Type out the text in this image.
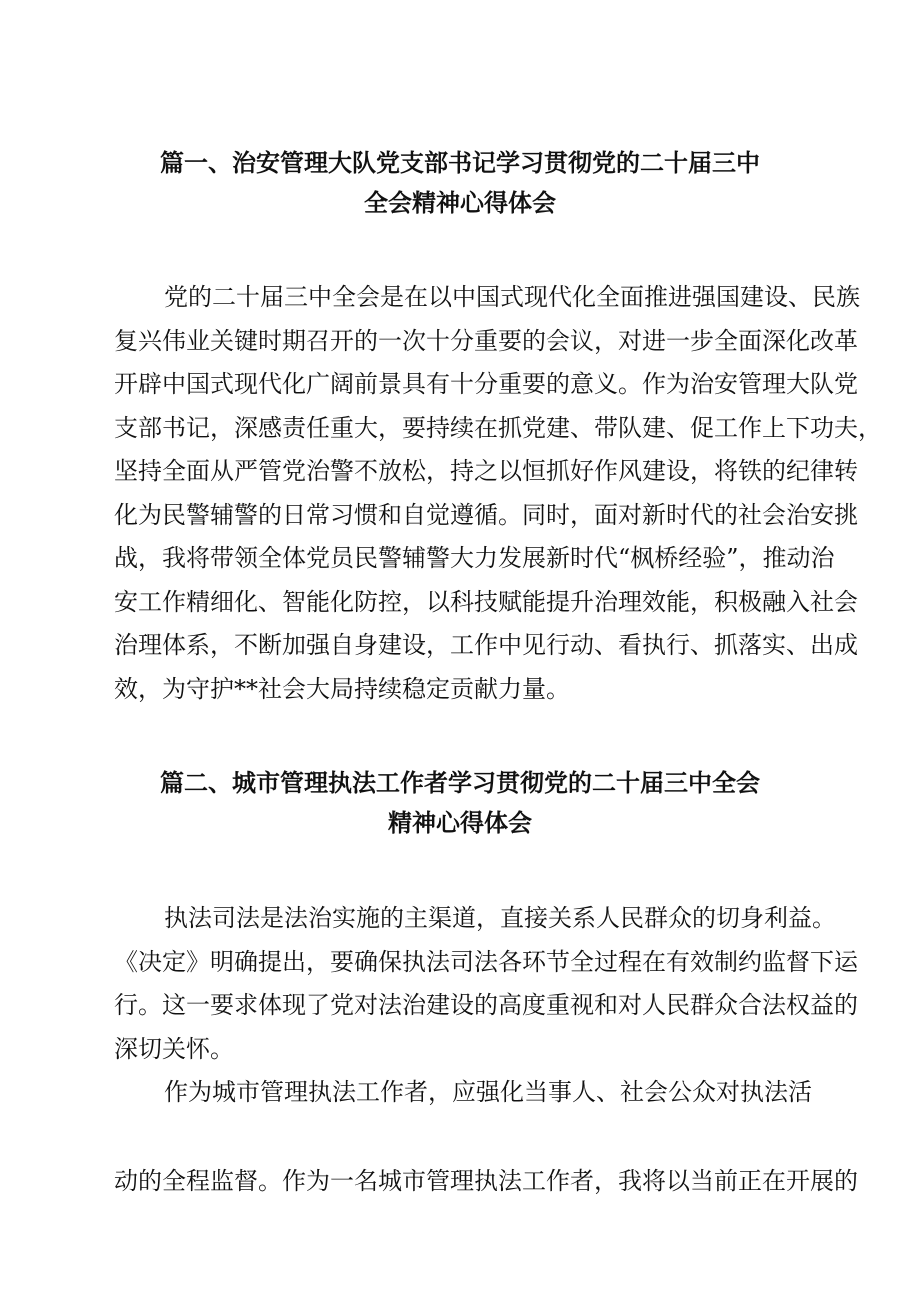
篇一、治安管理大队党支部书记学习贯彻党的二十届三中
全会精神心得体会
党的二十届三中全会是在以中国式现代化全面推进强国建设、民族
复兴伟业关键时期召开的一次十分重要的会议，对进一步全面深化改革
开辟中国式现代化广阔前景具有十分重要的意义。作为治安管理大队党
支部书记，深感责任重大，要持续在抓党建、带队建、促工作上下功夫，
坚持全面从严管党治警不放松，持之以恒抓好作风建设，将铁的纪律转
化为民警辅警的日常习惯和自觉遵循。同时，面对新时代的社会治安挑
战，我将带领全体党员民警辅警大力发展新时代“枫桥经验”，推动治
安工作精细化、智能化防控，以科技赋能提升治理效能，积极融入社会
治理体系，不断加强自身建设，工作中见行动、看执行、抓落实、出成
效，为守护**社会大局持续稳定贡献力量。
篇二、城市管理执法工作者学习贯彻党的二十届三中全会
精神心得体会
执法司法是法治实施的主渠道，直接关系人民群众的切身利益。
《决定》明确提出，要确保执法司法各环节全过程在有效制约监督下运
行。这一要求体现了党对法治建设的高度重视和对人民群众合法权益的
深切关怀。
作为城市管理执法工作者，应强化当事人、社会公众对执法活
动的全程监督。作为一名城市管理执法工作者，我将以当前正在开展的
